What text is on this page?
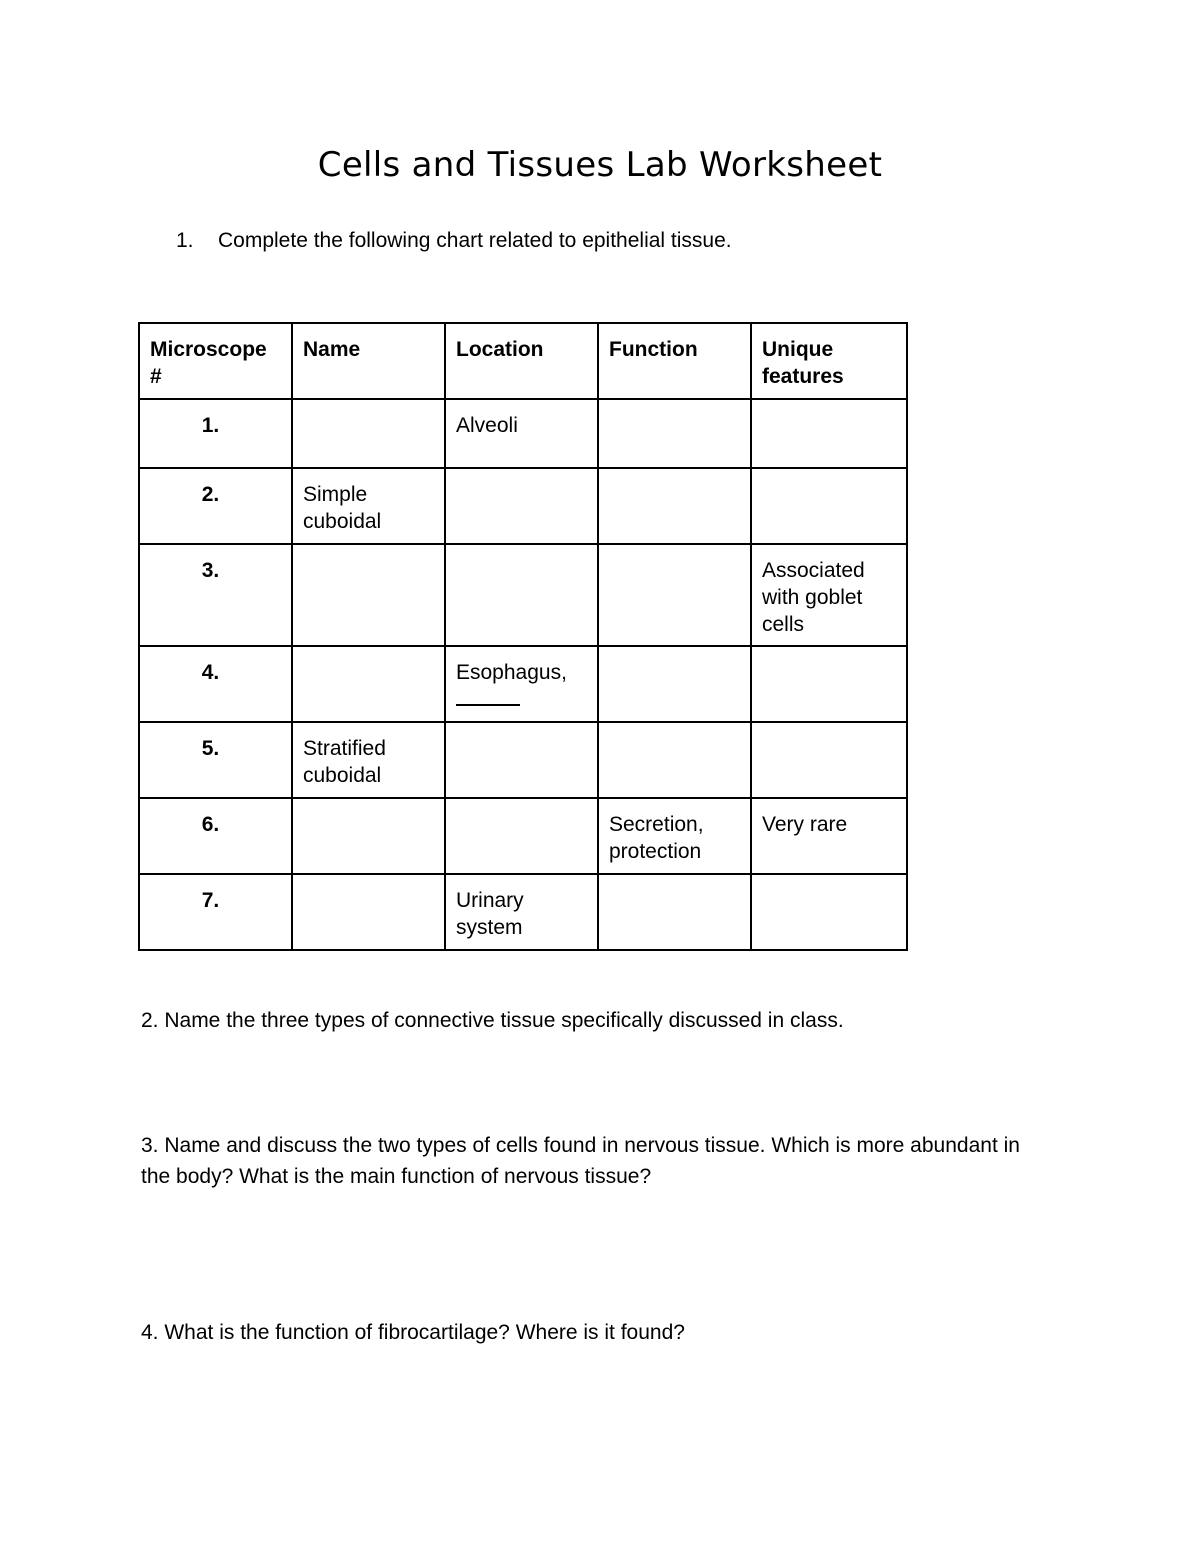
Cells and Tissues Lab Worksheet
1. Complete the following chart related to epithelial tissue.
Microscope #	Name	Location	Function	Unique features
1.		Alveoli		
2.	Simple cuboidal			
3.				Associated with goblet cells
4.		Esophagus,

5.	Stratified cuboidal			
6.			Secretion, protection	Very rare
7.		Urinary system		
2. Name the three types of connective tissue specifically discussed in class.
3. Name and discuss the two types of cells found in nervous tissue. Which is more abundant in the body? What is the main function of nervous tissue?
4. What is the function of fibrocartilage? Where is it found?
